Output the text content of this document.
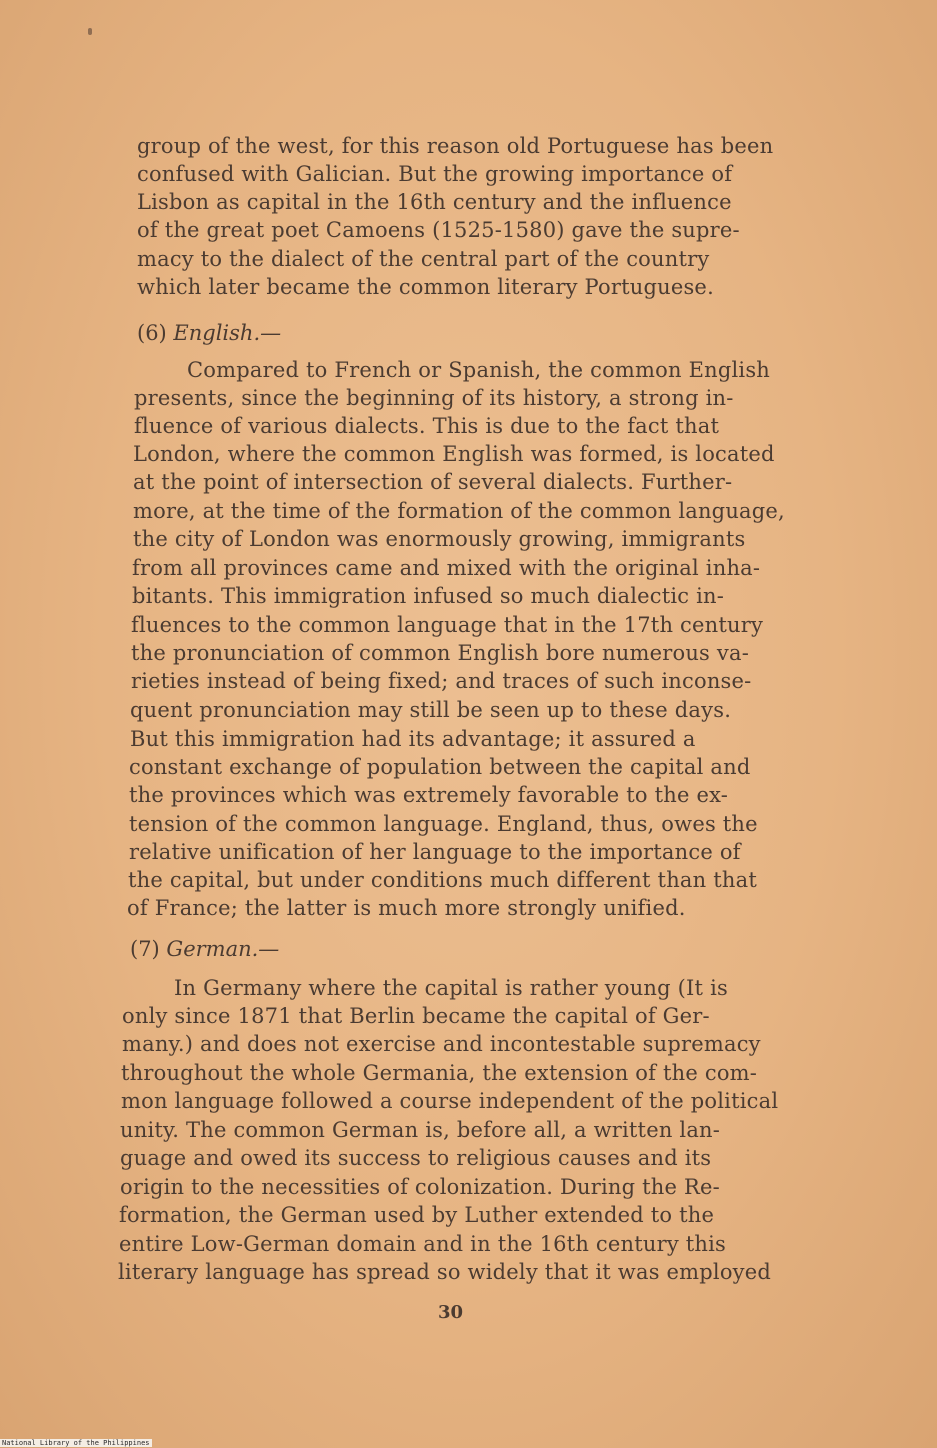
group of the west, for this reason old Portuguese has been
confused with Galician. But the growing importance of
Lisbon as capital in the 16th century and the influence
of the great poet Camoens (1525-1580) gave the supre-
macy to the dialect of the central part of the country
which later became the common literary Portuguese.
(6) English.—
Compared to French or Spanish, the common English
presents, since the beginning of its history, a strong in-
fluence of various dialects. This is due to the fact that
London, where the common English was formed, is located
at the point of intersection of several dialects. Further-
more, at the time of the formation of the common language,
the city of London was enormously growing, immigrants
from all provinces came and mixed with the original inha-
bitants. This immigration infused so much dialectic in-
fluences to the common language that in the 17th century
the pronunciation of common English bore numerous va-
rieties instead of being fixed; and traces of such inconse-
quent pronunciation may still be seen up to these days.
But this immigration had its advantage; it assured a
constant exchange of population between the capital and
the provinces which was extremely favorable to the ex-
tension of the common language. England, thus, owes the
relative unification of her language to the importance of
the capital, but under conditions much different than that
of France; the latter is much more strongly unified.
(7) German.—
In Germany where the capital is rather young (It is
only since 1871 that Berlin became the capital of Ger-
many.) and does not exercise and incontestable supremacy
throughout the whole Germania, the extension of the com-
mon language followed a course independent of the political
unity. The common German is, before all, a written lan-
guage and owed its success to religious causes and its
origin to the necessities of colonization. During the Re-
formation, the German used by Luther extended to the
entire Low-German domain and in the 16th century this
literary language has spread so widely that it was employed
30
National Library of the Philippines
